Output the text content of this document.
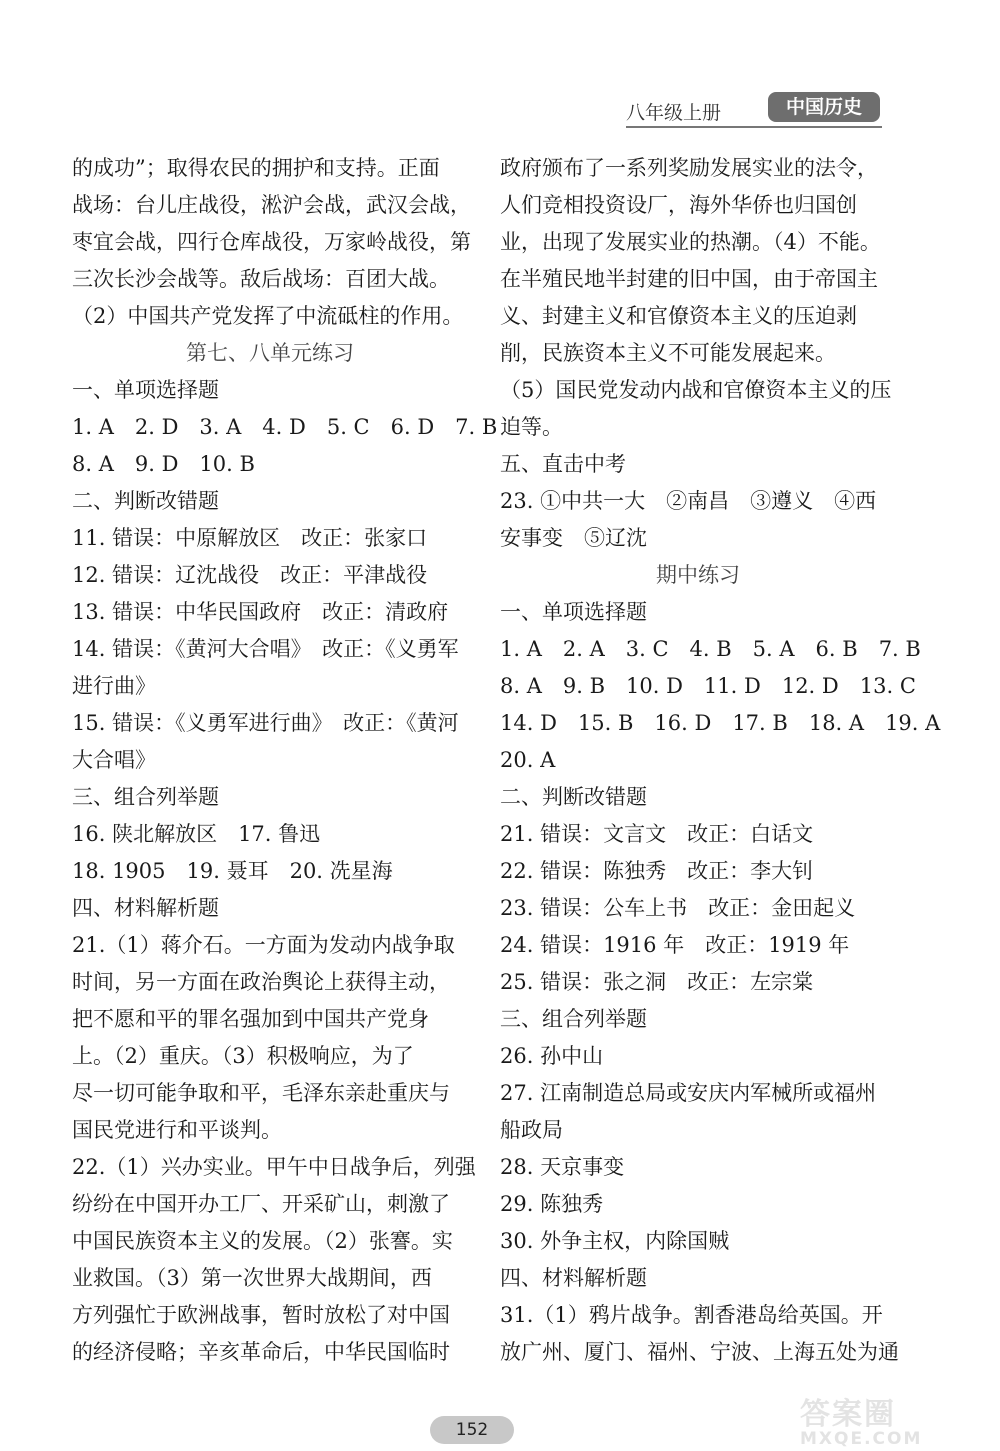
八年级上册	中国历史
的成功”；取得农民的拥护和支持。正面
战场：台儿庄战役，淞沪会战，武汉会战，
枣宜会战，四行仓库战役，万家岭战役，第
三次长沙会战等。敌后战场：百团大战。
（2）中国共产党发挥了中流砥柱的作用。
第七、八单元练习
一、单项选择题
1. A　2. D　3. A　4. D　5. C　6. D　7. B
8. A　9. D　10. B
二、判断改错题
11. 错误：中原解放区　改正：张家口
12. 错误：辽沈战役　改正：平津战役
13. 错误：中华民国政府　改正：清政府
14. 错误：《黄河大合唱》　改正：《义勇军
进行曲》
15. 错误：《义勇军进行曲》　改正：《黄河
大合唱》
三、组合列举题
16. 陕北解放区　17. 鲁迅
18. 1905　19. 聂耳　20. 冼星海
四、材料解析题
21.（1）蒋介石。一方面为发动内战争取
时间，另一方面在政治舆论上获得主动，
把不愿和平的罪名强加到中国共产党身
上。（2）重庆。（3）积极响应，为了
尽一切可能争取和平，毛泽东亲赴重庆与
国民党进行和平谈判。
22.（1）兴办实业。甲午中日战争后，列强
纷纷在中国开办工厂、开采矿山，刺激了
中国民族资本主义的发展。（2）张謇。实
业救国。（3）第一次世界大战期间，西
方列强忙于欧洲战事，暂时放松了对中国
的经济侵略；辛亥革命后，中华民国临时
政府颁布了一系列奖励发展实业的法令，
人们竞相投资设厂，海外华侨也归国创
业，出现了发展实业的热潮。（4）不能。
在半殖民地半封建的旧中国，由于帝国主
义、封建主义和官僚资本主义的压迫剥
削，民族资本主义不可能发展起来。
（5）国民党发动内战和官僚资本主义的压
迫等。
五、直击中考
23. ①中共一大　②南昌　③遵义　④西
安事变　⑤辽沈
期中练习
一、单项选择题
1. A　2. A　3. C　4. B　5. A　6. B　7. B
8. A　9. B　10. D　11. D　12. D　13. C
14. D　15. B　16. D　17. B　18. A　19. A
20. A
二、判断改错题
21. 错误：文言文　改正：白话文
22. 错误：陈独秀　改正：李大钊
23. 错误：公车上书　改正：金田起义
24. 错误：1916 年　改正：1919 年
25. 错误：张之洞　改正：左宗棠
三、组合列举题
26. 孙中山
27. 江南制造总局或安庆内军械所或福州
船政局
28. 天京事变
29. 陈独秀
30. 外争主权，内除国贼
四、材料解析题
31.（1）鸦片战争。割香港岛给英国。开
放广州、厦门、福州、宁波、上海五处为通
152	答案圈
MXQE.COM
